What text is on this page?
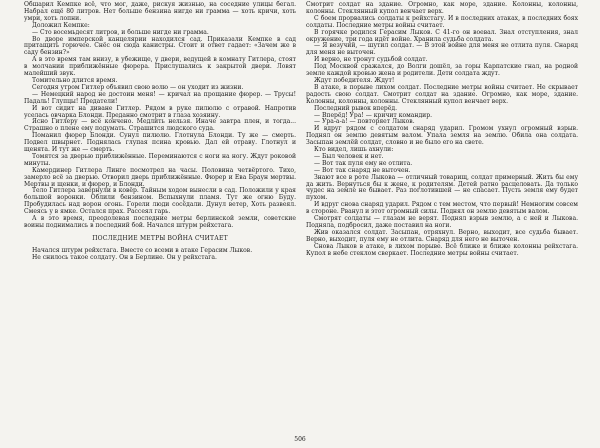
Обшарил Кемпке всё, что мог, даже, рискуя жизнью, на соседние улицы бегал. Набрал ещё 80 литров. Нет больше бензина нигде ни грамма — хоть кричи, хоть умри, хоть лопни.

Доложил Кемпке:

— Сто восемьдесят литров, и больше нигде ни грамма.

Во дворе имперской канцелярии находился сад. Приказали Кемпке в сад притащить горючее. Снёс он сюда канистры. Стоит и ответ гадает: «Зачем же в саду бензин?»

А в это время там внизу, в убежище, у двери, ведущей в комнату Гитлера, стоят в молчании приближённые фюрера. Прислушались к закрытой двери. Ловят малейший звук.

Томительно длится время.

Сегодня утром Гитлер объявил свою волю — он уходит из жизни.

— Немецкий народ не достоин меня! — кричал на прощание фюрер. — Трусы! Падаль! Глупцы! Предатели!

И вот сидит на диване Гитлер. Рядом в руке пилюлю с отравой. Напротив уселась овчарка Блонди. Преданно смотрит в глаза хозяину.

Ясно Гитлеру — всё кончено. Медлить нельзя. Иначе завтра плен, и тогда... Страшно о плене ему подумать. Страшится людского суда.

Поманил фюрер Блонди. Сунул пилюлю. Глотнула Блонди. Ту же — смерть. Подвел швырнет. Поднялась глупая псина кровью. Дал ей отраву. Глотнул и щенята. И тут же — смерть.

Томятся за дверью приближённые. Переминаются с ноги на ногу. Ждут роковой минуты.

Камердинер Гитлера Линге посмотрел на часы. Половина четвёртого. Тихо, замерло всё за дверью. Отворил дверь приближённые. Фюрер и Ева Браун мертвы. Мертвы и щенки, и фюрер, и Блонди.

Тело Гитлера завернули в ковёр. Тайным ходом вынесли в сад. Положили у края большой воронки. Облили бензином. Вспыхнули пламя. Тут же огню Буду. Пробудилась над ворон огонь. Горели люди сосёдали. Дунул ветер, Хоть развеял. Смеясь у в ямке. Остался прах. Рассеял гарь.

А в это время, преодолевая последние метры берлинской земли, советские воины поднимались в последний бой. Начался штурм рейхстага.

ПОСЛЕДНИЕ МЕТРЫ ВОЙНА СЧИТАЕТ

Начался штурм рейхстага. Вместе со всеми в атаке Герасим Лыков.

Не снилось такое солдату. Он в Берлине. Он у рейхстага.

Смотрит солдат на здание. Огромно, как море, здание. Колонны, колонны, колонны. Стеклянный купол венчает верх.

С боем прорвались солдаты к рейхстагу. И в последних атаках, в последних боях солдаты. Последние метры войны считает.

В горячке родился Герасим Лыков. С 41-го он воевал. Знал отступления, знал окружение, три года идёт войне. Хранила судьба солдата.

— Я везучий, — шутил солдат. — В этой войне для меня не отлита пуля. Снаряд для меня не выточен.

И верно, не тронут судьбой солдат.

Под Москвой сражался, до Волги дошёл, за горы Карпатские гнал, на родной земле каждой кровью жена и родители. Дети солдата ждут.

Ждут победителя. Ждут!

В атаке, в порыве лихом солдат. Последние метры войны считает. Не скрывает радость свою солдат. Смотрит солдат на здание. Огромно, как море, здание. Колонны, колонны, колонны. Стеклянный купол венчает верх.

Последний рывок вперёд.

— Вперёд! Ура! — кричит командир.

— Ура-а-а! — повторяет Лыков.

И вдруг рядом с солдатом снаряд ударил. Громом ухнул огромный взрыв. Поднял он землю девятым валом. Упала земля на землю. Обила она солдата. Засыпан землёй солдат, словно и не было его на свете.

Кто видел, лишь ахнули:

— Был человек и нет.

— Вот так пуля ему не отлита.

— Вот так снаряд не выточен.

Знают все в роте Лыкова — отличный товарищ, солдат примерный. Жить бы ему да жить. Вернуться бы к жене, к родителям. Детей ратно расцеловать. Да только чудес на земле не бывает. Раз поглотившей — не спасает. Пусть земля ему будет пухом.

И вдруг снова снаряд ударил. Рядом с тем местом, что первый! Немногим совсем в стороне. Рванул и этот огромный силы. Поднял он землю девятым валом.

Смотрят солдаты — глазам не верят. Поднял взрыв землю, а с ней и Лыкова. Подняла, подбросил, даже поставил на ноги.

Жив оказался солдат. Засыпан, отряхнул. Верно, выходит, все судьба бывает. Верно, выходит, пуля ему не отлита. Снаряд для него не выточен.

Снова Лыков в атаке, в лихом порыве. Всё ближе и ближе колонны рейхстага. Купол в небе стеклом сверкает. Последние метры войны считает.

506
